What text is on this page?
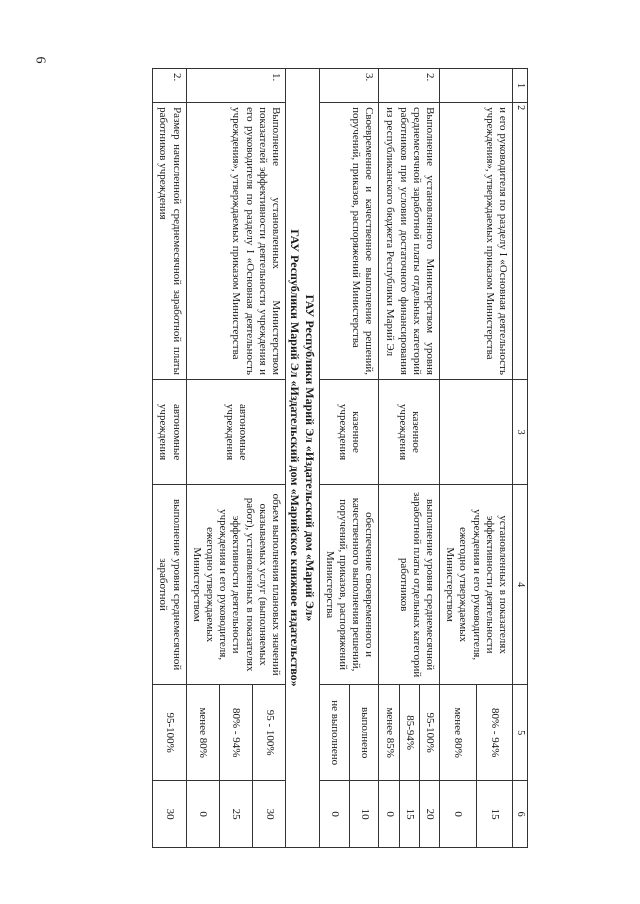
6
1	2	3	4	5	6
	и его руководителя по разделу I «Основная деятельность учреждения», утверждаемых приказом Министерства		установленных в показателях эффективности деятельности учреждения и его руководителя, ежегодно утверждаемых Министерством	80% - 94%	15
				менее 80%	0
2.	Выполнение установленного Министерством уровня среднемесячной заработной платы отдельных категорий работников при условии достаточного финансирования из республиканского бюджета Республики Марий Эл	казенное учреждения	выполнение уровня среднемесячной заработной платы отдельных категорий работников	95-100%	20
				85-94%	15
				менее 85%	0
3.	Своевременное и качественное выполнение решений, поручений, приказов, распоряжений Министерства	казенное учреждения	обеспечение своевременного и качественного выполнения решений, поручений, приказов, распоряжений Министерства	выполнено	10
				не выполнено	0

ГАУ Республики Марий Эл «Издательский дом «Марий Эл»
ГАУ Республики Марий Эл «Издательский дом «Марийское книжное издательство»					

1.	Выполнение установленных Министерством показателей эффективности деятельности учреждения и его руководителя по разделу I «Основная деятельность учреждения», утверждаемых приказом Министерства	автономные учреждения	объем выполнения плановых значений оказываемых услуг (выполняемых работ), установленных в показателях эффективности деятельности учреждения и его руководителя, ежегодно утверждаемых Министерством	95 - 100%	30
				80% - 94%	25
				менее 80%	0
2.	Размер начисленной среднемесячной заработной платы работников учреждения	автономные учреждения	выполнение уровня среднемесячной заработной	95-100%	30
